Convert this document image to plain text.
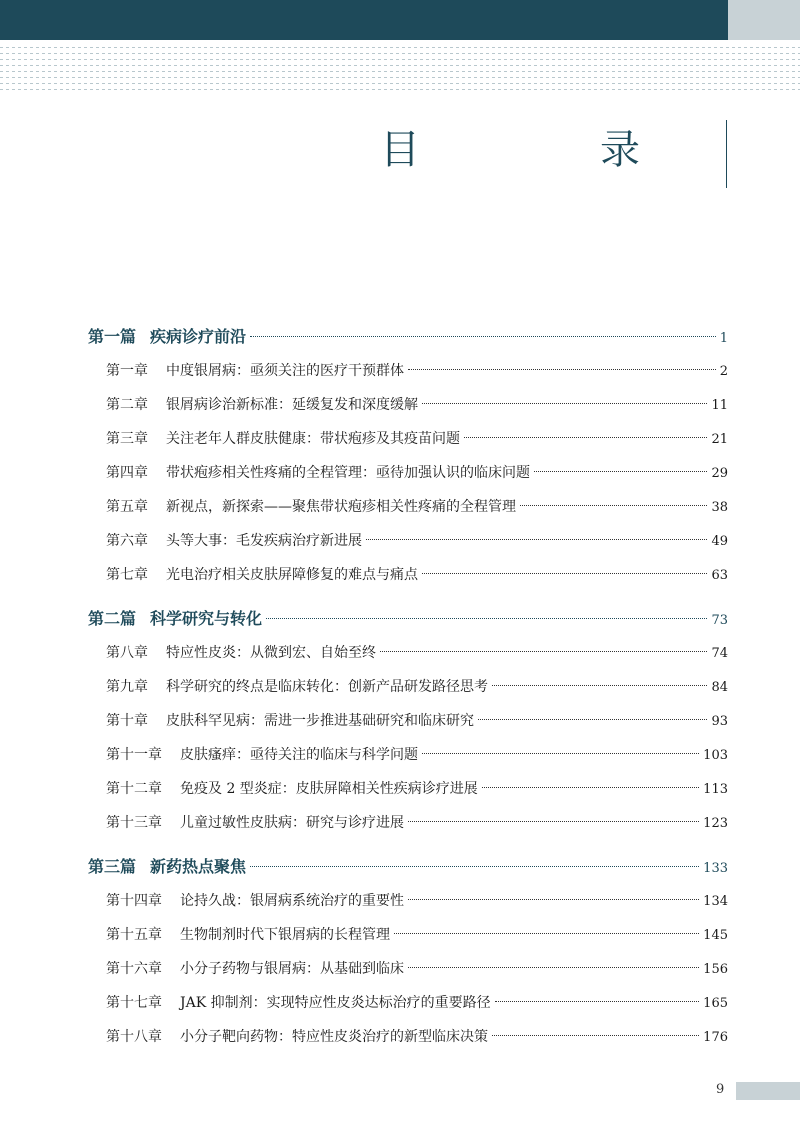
目　录
第一篇 疾病诊疗前沿	1
第一章 中度银屑病：亟须关注的医疗干预群体	2
第二章 银屑病诊治新标准：延缓复发和深度缓解	11
第三章 关注老年人群皮肤健康：带状疱疹及其疫苗问题	21
第四章 带状疱疹相关性疼痛的全程管理：亟待加强认识的临床问题	29
第五章 新视点，新探索——聚焦带状疱疹相关性疼痛的全程管理	38
第六章 头等大事：毛发疾病治疗新进展	49
第七章 光电治疗相关皮肤屏障修复的难点与痛点	63
第二篇 科学研究与转化	73
第八章 特应性皮炎：从微到宏、自始至终	74
第九章 科学研究的终点是临床转化：创新产品研发路径思考	84
第十章 皮肤科罕见病：需进一步推进基础研究和临床研究	93
第十一章 皮肤瘙痒：亟待关注的临床与科学问题	103
第十二章 免疫及 2 型炎症：皮肤屏障相关性疾病诊疗进展	113
第十三章 儿童过敏性皮肤病：研究与诊疗进展	123
第三篇 新药热点聚焦	133
第十四章 论持久战：银屑病系统治疗的重要性	134
第十五章 生物制剂时代下银屑病的长程管理	145
第十六章 小分子药物与银屑病：从基础到临床	156
第十七章 JAK 抑制剂：实现特应性皮炎达标治疗的重要路径	165
第十八章 小分子靶向药物：特应性皮炎治疗的新型临床决策	176
9
